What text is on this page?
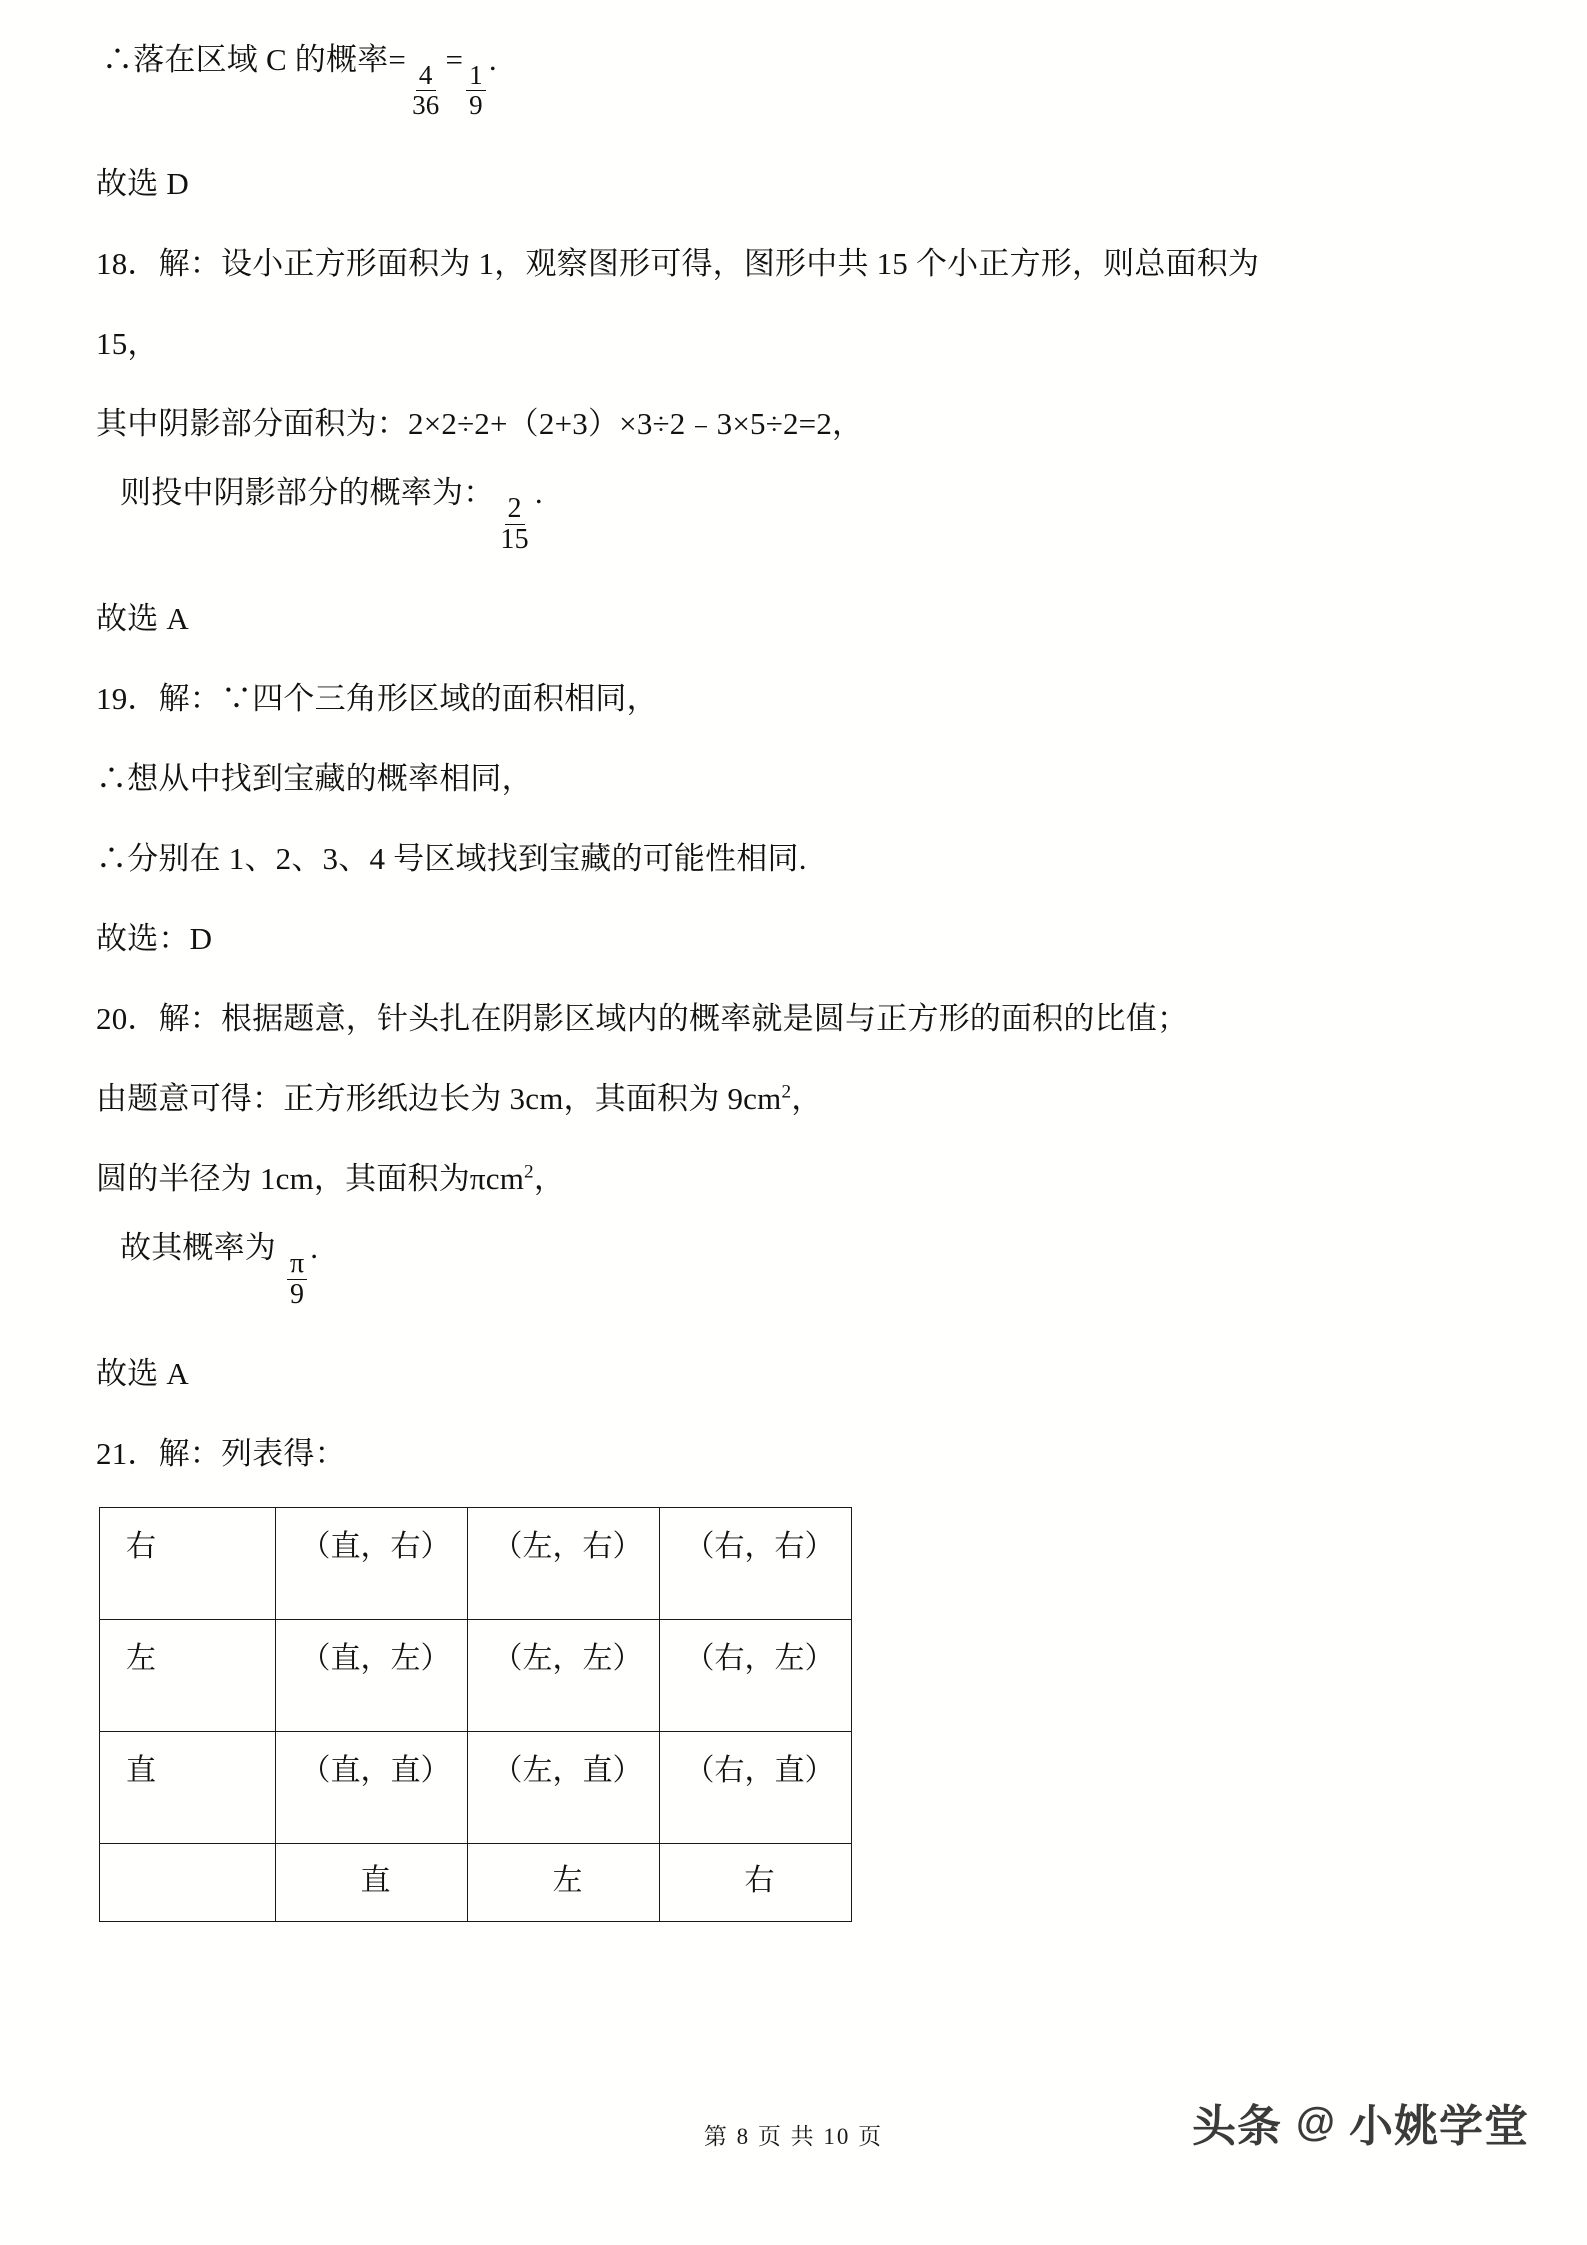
∴落在区域 C 的概率=
$\frac{4}{36}$
=
$\frac{1}{9}$
.
故选 D
18．解：设小正方形面积为 1，观察图形可得，图形中共 15 个小正方形，则总面积为
15，
其中阴影部分面积为：2×2÷2+（2+3）×3÷2﹣3×5÷2=2，
则投中阴影部分的概率为：
$\frac{2}{15}$
.
故选 A
19．解：∵四个三角形区域的面积相同，
∴想从中找到宝藏的概率相同，
∴分别在 1、2、3、4 号区域找到宝藏的可能性相同.
故选：D
20．解：根据题意，针头扎在阴影区域内的概率就是圆与正方形的面积的比值；
由题意可得：正方形纸边长为 3cm，其面积为 $9cm^2$，
圆的半径为 1cm，其面积为πcm$^2$，
故其概率为
$\frac{\pi}{9}$
.
故选 A
21．解：列表得：
右	（直，右）	（左，右）	（右，右）
左	（直，左）	（左，左）	（右，左）
直	（直，直）	（左，直）	（右，直）
	直	左	右
第 8 页 共 10 页	头条 @ 小姚学堂
